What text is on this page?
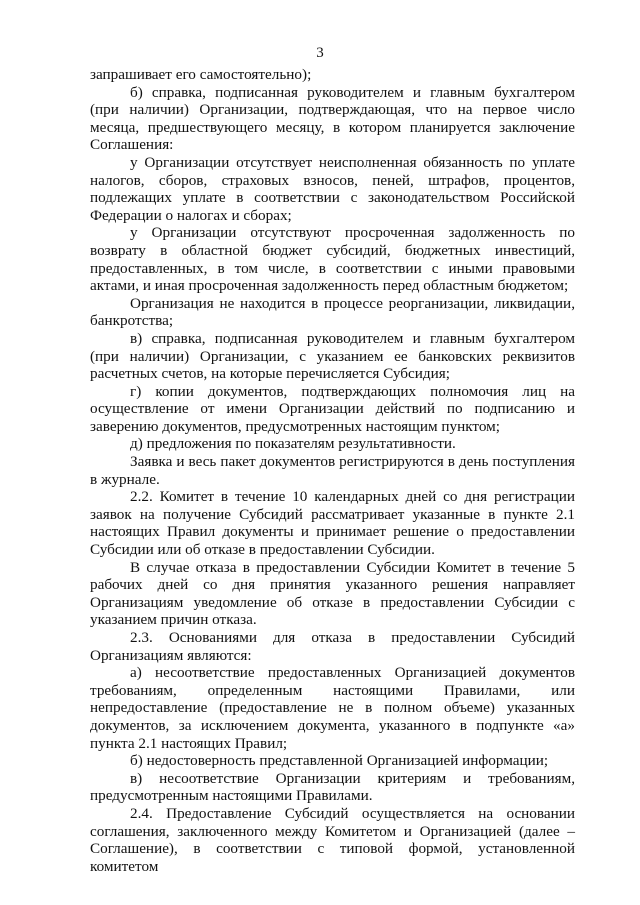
3

запрашивает его самостоятельно);

б) справка, подписанная руководителем и главным бухгалтером (при наличии) Организации, подтверждающая, что на первое число месяца, предшествующего месяцу, в котором планируется заключение Соглашения:

у Организации отсутствует неисполненная обязанность по уплате налогов, сборов, страховых взносов, пеней, штрафов, процентов, подлежащих уплате в соответствии с законодательством Российской Федерации о налогах и сборах;

у Организации отсутствуют просроченная задолженность по возврату в областной бюджет субсидий, бюджетных инвестиций, предоставленных, в том числе, в соответствии с иными правовыми актами, и иная просроченная задолженность перед областным бюджетом;

Организация не находится в процессе реорганизации, ликвидации, банкротства;

в) справка, подписанная руководителем и главным бухгалтером (при наличии) Организации, с указанием ее банковских реквизитов расчетных счетов, на которые перечисляется Субсидия;

г) копии документов, подтверждающих полномочия лиц на осуществление от имени Организации действий по подписанию и заверению документов, предусмотренных настоящим пунктом;

д) предложения по показателям результативности.

Заявка и весь пакет документов регистрируются в день поступления в журнале.

2.2. Комитет в течение 10 календарных дней со дня регистрации заявок на получение Субсидий рассматривает указанные в пункте 2.1 настоящих Правил документы и принимает решение о предоставлении Субсидии или об отказе в предоставлении Субсидии.

В случае отказа в предоставлении Субсидии Комитет в течение 5 рабочих дней со дня принятия указанного решения направляет Организациям уведомление об отказе в предоставлении Субсидии с указанием причин отказа.

2.3. Основаниями для отказа в предоставлении Субсидий Организациям являются:

а) несоответствие предоставленных Организацией документов требованиям, определенным настоящими Правилами, или непредоставление (предоставление не в полном объеме) указанных документов, за исключением документа, указанного в подпункте «а» пункта 2.1 настоящих Правил;

б) недостоверность представленной Организацией информации;

в) несоответствие Организации критериям и требованиям, предусмотренным настоящими Правилами.

2.4. Предоставление Субсидий осуществляется на основании соглашения, заключенного между Комитетом и Организацией (далее – Соглашение), в соответствии с типовой формой, установленной комитетом
